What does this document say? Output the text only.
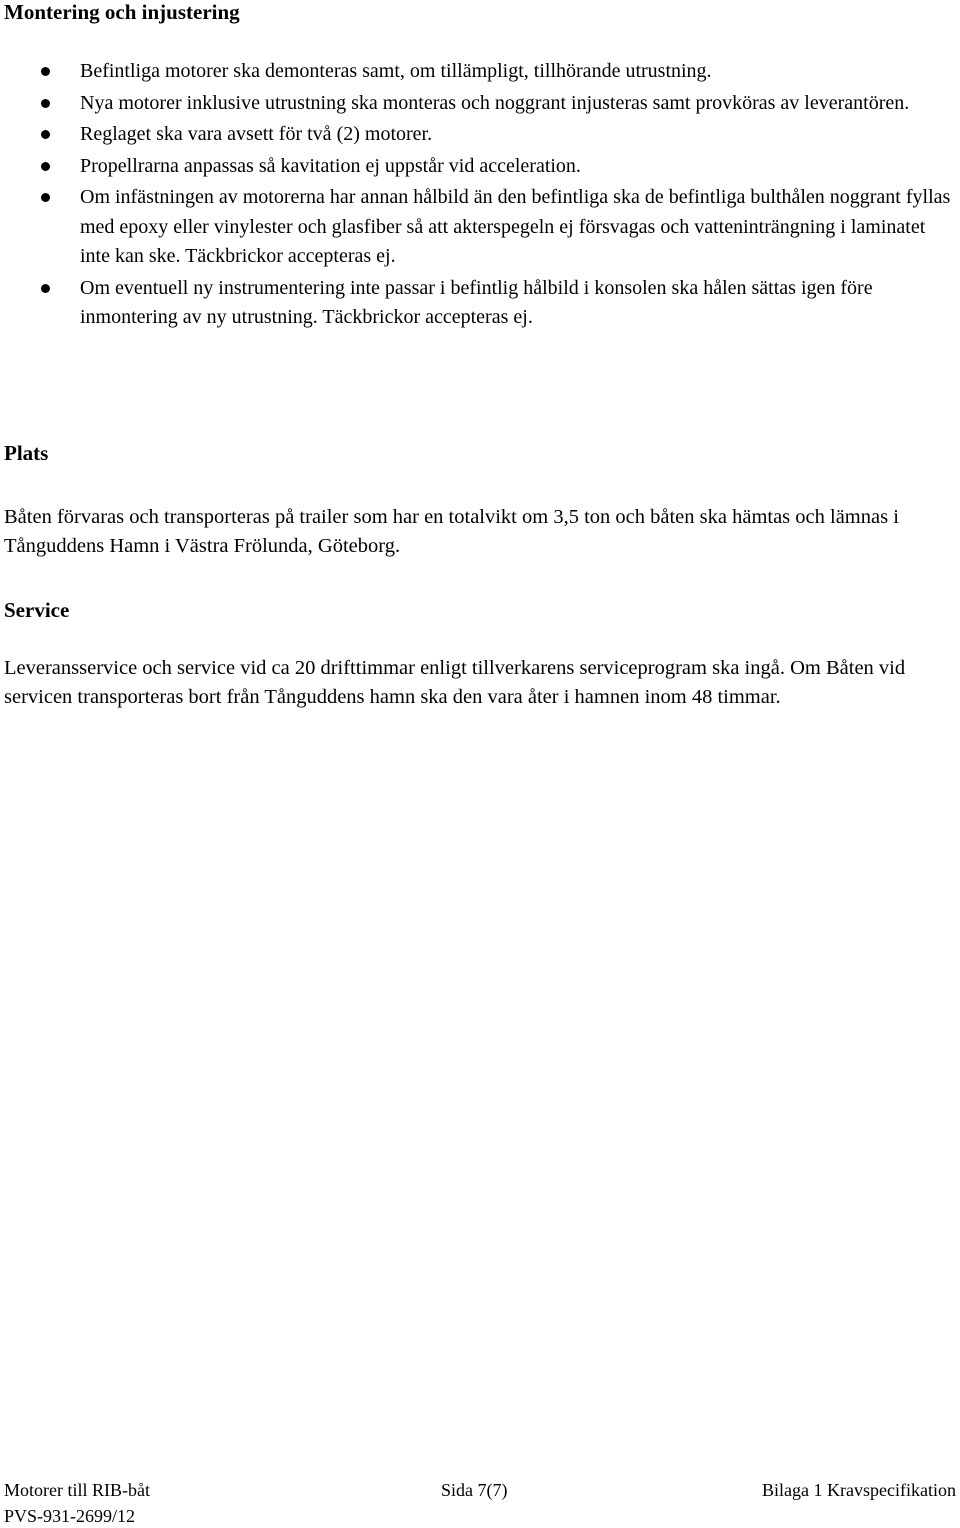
Montering och injustering
Befintliga motorer ska demonteras samt, om tillämpligt, tillhörande utrustning.
Nya motorer inklusive utrustning ska monteras och noggrant injusteras samt provköras av leverantören.
Reglaget ska vara avsett för två (2) motorer.
Propellrarna anpassas så kavitation ej uppstår vid acceleration.
Om infästningen av motorerna har annan hålbild än den befintliga ska de befintliga bulthålen noggrant fyllas med epoxy eller vinylester och glasfiber så att akterspegeln ej försvagas och vatteninträngning i laminatet inte kan ske. Täckbrickor accepteras ej.
Om eventuell ny instrumentering inte passar i befintlig hålbild i konsolen ska hålen sättas igen före inmontering av ny utrustning. Täckbrickor accepteras ej.
Plats

Båten förvaras och transporteras på trailer som har en totalvikt om 3,5 ton och båten ska hämtas och lämnas i Tånguddens Hamn i Västra Frölunda, Göteborg.

Service

Leveransservice och service vid ca 20 drifttimmar enligt tillverkarens serviceprogram ska ingå. Om Båten vid servicen transporteras bort från Tånguddens hamn ska den vara åter i hamnen inom 48 timmar.

Motorer till RIB-båt	Sida 7(7)	Bilaga 1 Kravspecifikation
PVS-931-2699/12
